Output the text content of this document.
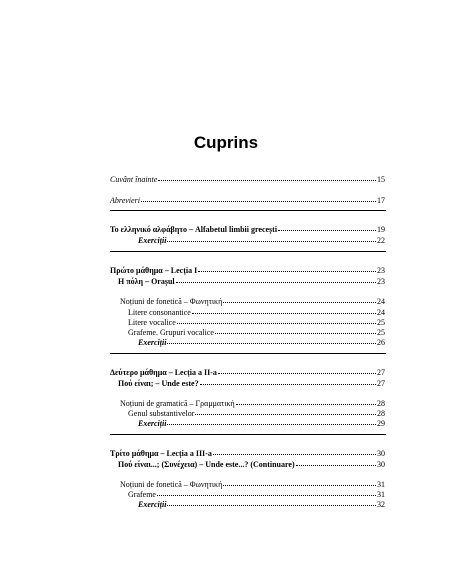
Cuprins
Cuvânt înainte	15
Abrevieri	17
Το ελληνικό αλφάβητο – Alfabetul limbii grecești	19
Exerciții	22
Πρώτο μάθημα – Lecția I	23
Η πόλη – Orașul	23
Noțiuni de fonetică – Φωνητική	24
Litere consonantice	24
Litere vocalice	25
Grafeme. Grupuri vocalice	25
Exerciții	26
Δεύτερο μάθημα – Lecția a II-a	27
Πού είναι; – Unde este?	27
Noțiuni de gramatică – Γραμματική	28
Genul substantivelor	28
Exerciții	29
Τρίτο μάθημα – Lecția a III-a	30
Πού είναι...; (Συνέχεια) – Unde este...? (Continuare)	30
Noțiuni de fonetică – Φωνητική	31
Grafeme	31
Exerciții	32
